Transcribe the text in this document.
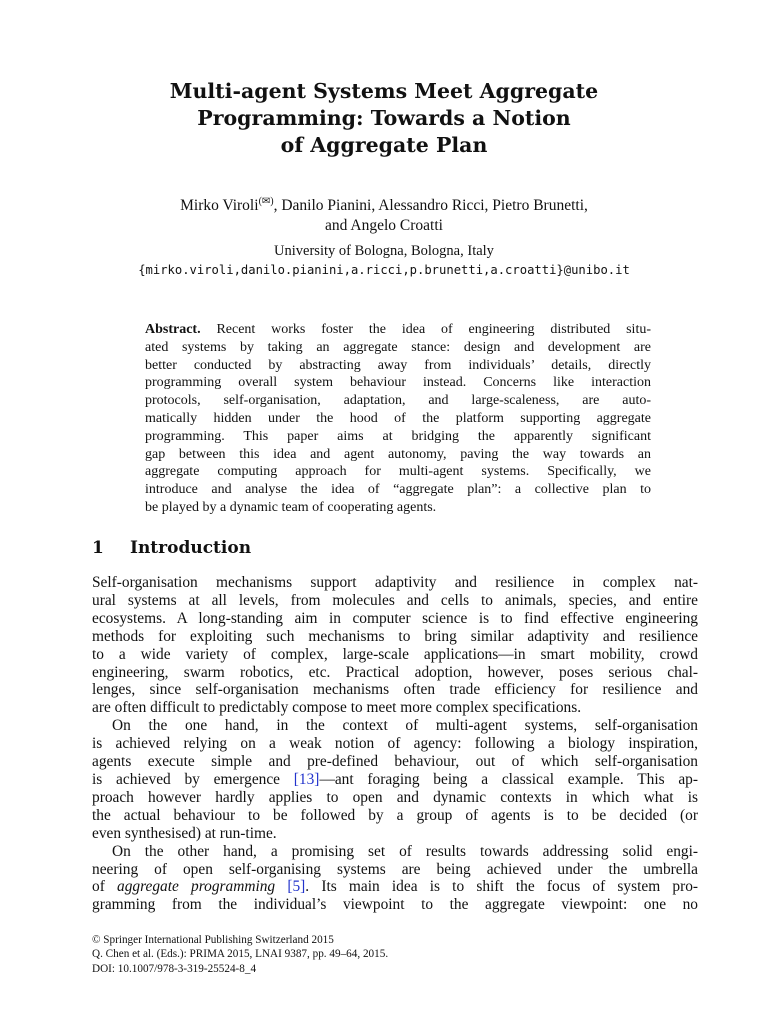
Multi-agent Systems Meet Aggregate
Programming: Towards a Notion
of Aggregate Plan
Mirko Viroli(✉), Danilo Pianini, Alessandro Ricci, Pietro Brunetti,
and Angelo Croatti
University of Bologna, Bologna, Italy
{mirko.viroli,danilo.pianini,a.ricci,p.brunetti,a.croatti}@unibo.it
Abstract. Recent works foster the idea of engineering distributed situ-
ated systems by taking an aggregate stance: design and development are
better conducted by abstracting away from individuals’ details, directly
programming overall system behaviour instead. Concerns like interaction
protocols, self-organisation, adaptation, and large-scaleness, are auto-
matically hidden under the hood of the platform supporting aggregate
programming. This paper aims at bridging the apparently significant
gap between this idea and agent autonomy, paving the way towards an
aggregate computing approach for multi-agent systems. Specifically, we
introduce and analyse the idea of “aggregate plan”: a collective plan to
be played by a dynamic team of cooperating agents.
1 Introduction
Self-organisation mechanisms support adaptivity and resilience in complex nat-
ural systems at all levels, from molecules and cells to animals, species, and entire
ecosystems. A long-standing aim in computer science is to find effective engineering
methods for exploiting such mechanisms to bring similar adaptivity and resilience
to a wide variety of complex, large-scale applications—in smart mobility, crowd
engineering, swarm robotics, etc. Practical adoption, however, poses serious chal-
lenges, since self-organisation mechanisms often trade efficiency for resilience and
are often difficult to predictably compose to meet more complex specifications.
On the one hand, in the context of multi-agent systems, self-organisation
is achieved relying on a weak notion of agency: following a biology inspiration,
agents execute simple and pre-defined behaviour, out of which self-organisation
is achieved by emergence [13]—ant foraging being a classical example. This ap-
proach however hardly applies to open and dynamic contexts in which what is
the actual behaviour to be followed by a group of agents is to be decided (or
even synthesised) at run-time.
On the other hand, a promising set of results towards addressing solid engi-
neering of open self-organising systems are being achieved under the umbrella
of aggregate programming [5]. Its main idea is to shift the focus of system pro-
gramming from the individual’s viewpoint to the aggregate viewpoint: one no
© Springer International Publishing Switzerland 2015
Q. Chen et al. (Eds.): PRIMA 2015, LNAI 9387, pp. 49–64, 2015.
DOI: 10.1007/978-3-319-25524-8_4
